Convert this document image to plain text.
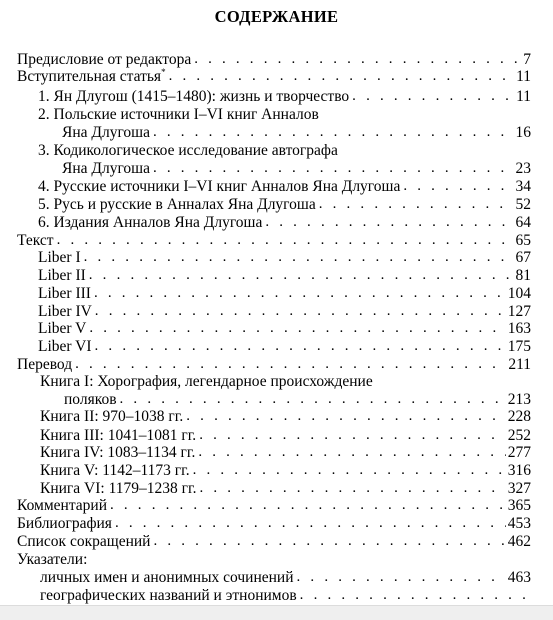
СОДЕРЖАНИЕ
Предисловие от редактора . . .	7
Вступительная статья* . . .	11
1. Ян Длугош (1415–1480): жизнь и творчество . . .	11
2. Польские источники I–VI книг Анналов
Яна Длугоша . . .	16
3. Кодикологическое исследование автографа
Яна Длугоша . . .	23
4. Русские источники I–VI книг Анналов Яна Длугоша . . .	34
5. Русь и русские в Анналах Яна Длугоша . . .	52
6. Издания Анналов Яна Длугоша . . .	64
Текст . . .	65
Liber I . . .	67
Liber II . . .	81
Liber III . . .	104
Liber IV . . .	127
Liber V . . .	163
Liber VI . . .	175
Перевод . . .	211
Книга I: Хорография, легендарное происхождение
поляков . . .	213
Книга II: 970–1038 гг. . . .	228
Книга III: 1041–1081 гг. . . .	252
Книга IV: 1083–1134 гг. . . .	277
Книга V: 1142–1173 гг. . . .	316
Книга VI: 1179–1238 гг. . . .	327
Комментарий . . .	365
Библиография . . .	453
Список сокращений . . .	462
Указатели:
личных имен и анонимных сочинений . . .	463
географических названий и этнонимов
. . .
